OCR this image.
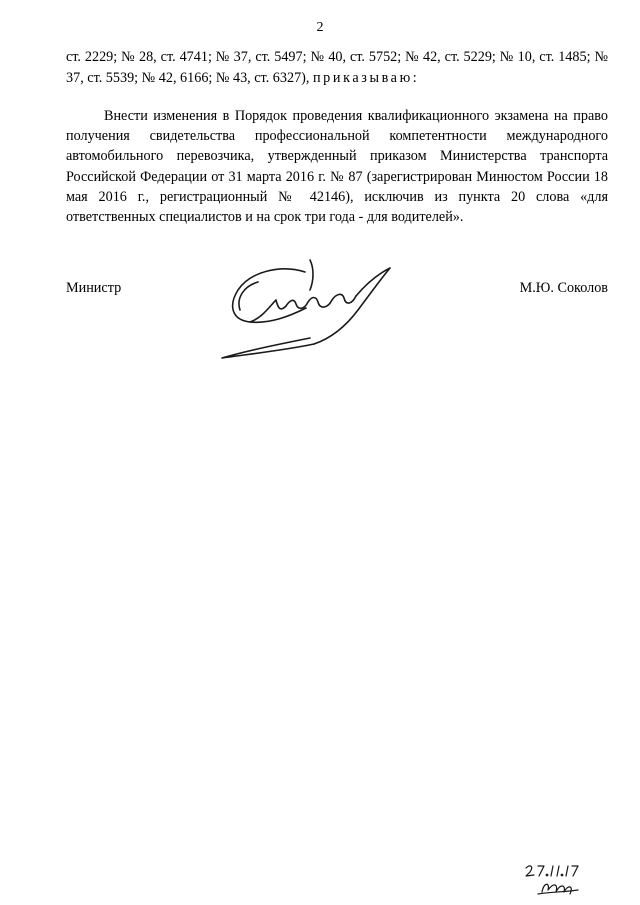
2

ст. 2229; № 28, ст. 4741; № 37, ст. 5497; № 40, ст. 5752; № 42, ст. 5229; № 10, ст. 1485; № 37, ст. 5539; № 42, 6166; № 43, ст. 6327), приказываю:

Внести изменения в Порядок проведения квалификационного экзамена на право получения свидетельства профессиональной компетентности международного автомобильного перевозчика, утвержденный приказом Министерства транспорта Российской Федерации от 31 марта 2016 г. № 87 (зарегистрирован Минюстом России 18 мая 2016 г., регистрационный № 42146), исключив из пункта 20 слова «для ответственных специалистов и на срок три года - для водителей».

Министр	М.Ю. Соколов
